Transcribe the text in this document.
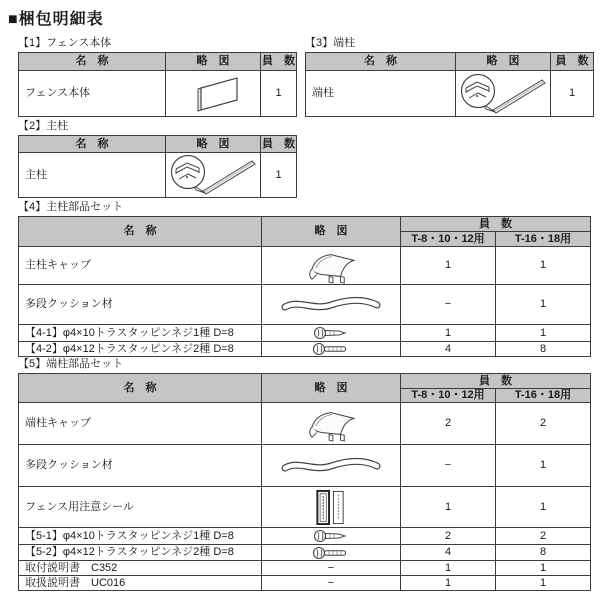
■梱包明細表
【1】フェンス本体
名　称	略　図	員　数
フェンス本体		1
【3】端柱
名　称	略　図	員　数
端柱		1
【2】主柱
名　称	略　図	員　数
主柱		1
【4】主柱部品セット
名　称	略　図	員　数	
		T-8・10・12用	T-16・18用
主柱キャップ		1	1
多段クッション材		−	1
【4-1】φ4×10トラスタッピンネジ1種 D=8		1	1
【4-2】φ4×12トラスタッピンネジ2種 D=8		4	8
【5】端柱部品セット
名　称	略　図	員　数	
		T-8・10・12用	T-16・18用
端柱キャップ		2	2
多段クッション材		−	1
フェンス用注意シール		1	1
【5-1】φ4×10トラスタッピンネジ1種 D=8		2	2
【5-2】φ4×12トラスタッピンネジ2種 D=8		4	8
取付説明書　C352	−	1	1
取扱説明書　UC016	−	1	1
